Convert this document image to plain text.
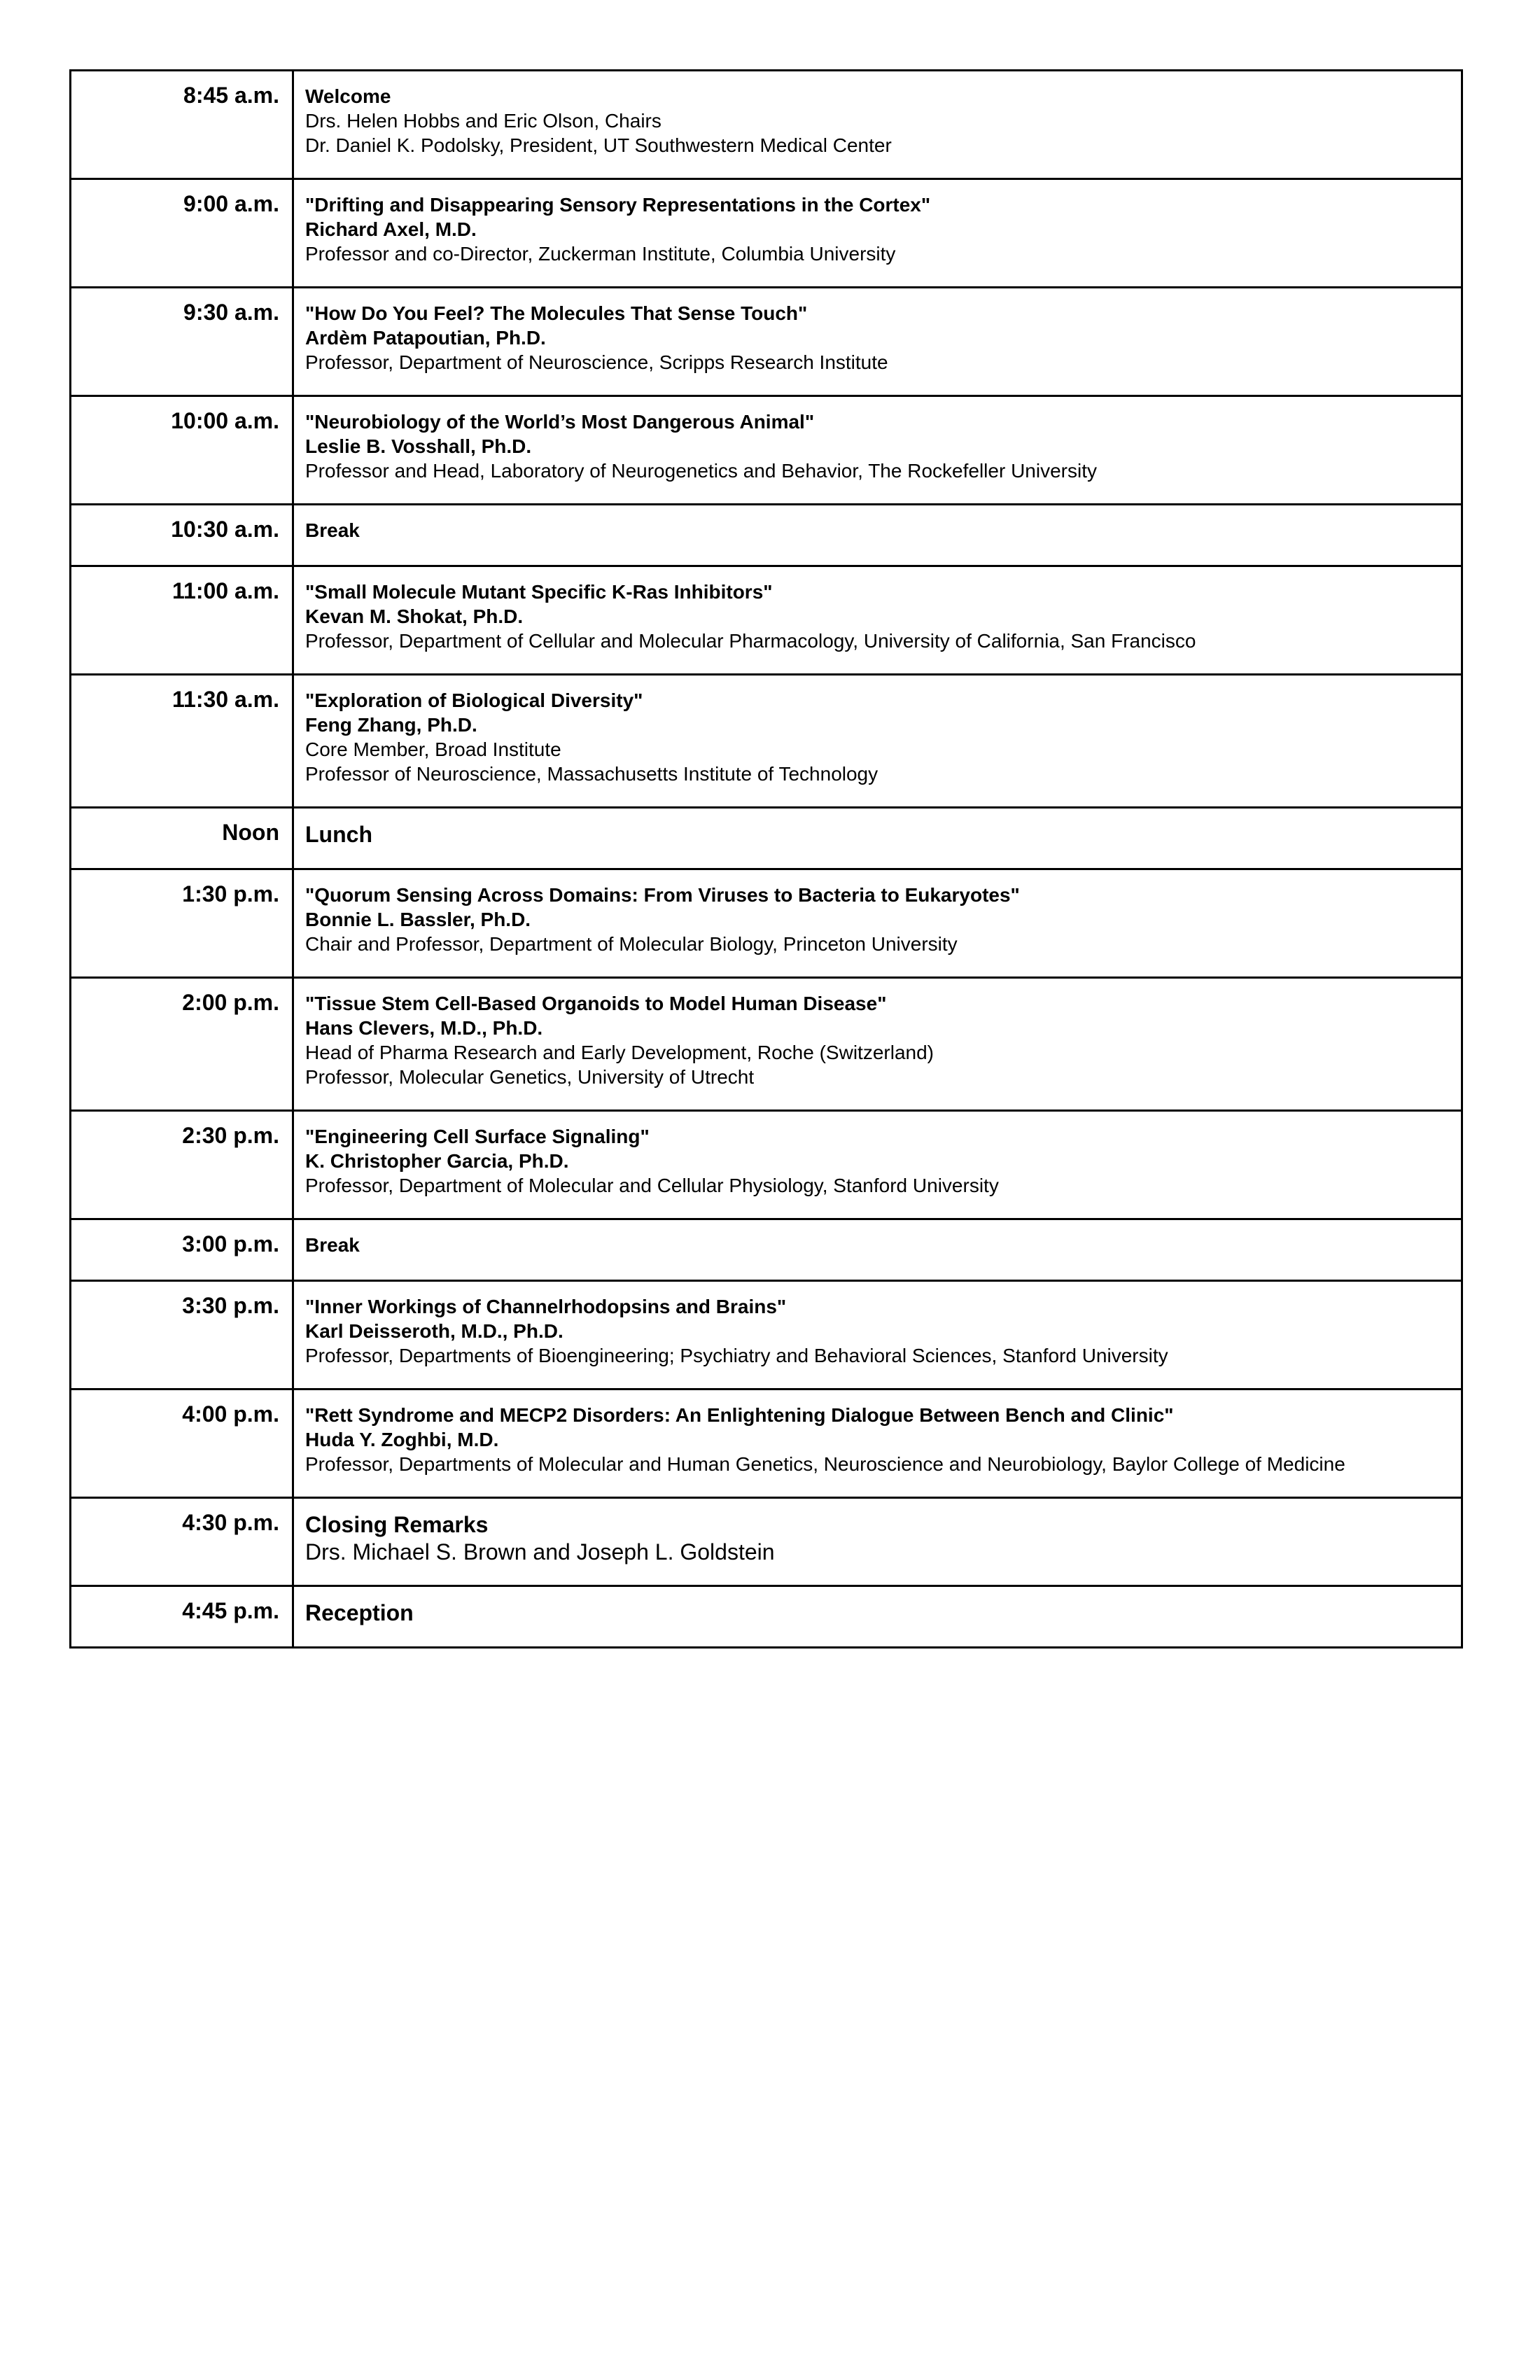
8:45 a.m.	Welcome
Drs. Helen Hobbs and Eric Olson, Chairs
Dr. Daniel K. Podolsky, President, UT Southwestern Medical Center

9:00 a.m.	"Drifting and Disappearing Sensory Representations in the Cortex"
Richard Axel, M.D.
Professor and co-Director, Zuckerman Institute, Columbia University

9:30 a.m.	"How Do You Feel? The Molecules That Sense Touch"
Ardèm Patapoutian, Ph.D.
Professor, Department of Neuroscience, Scripps Research Institute

10:00 a.m.	"Neurobiology of the World’s Most Dangerous Animal"
Leslie B. Vosshall, Ph.D.
Professor and Head, Laboratory of Neurogenetics and Behavior, The Rockefeller University

10:30 a.m.	Break

11:00 a.m.	"Small Molecule Mutant Specific K-Ras Inhibitors"
Kevan M. Shokat, Ph.D.
Professor, Department of Cellular and Molecular Pharmacology, University of California, San Francisco

11:30 a.m.	"Exploration of Biological Diversity"
Feng Zhang, Ph.D.
Core Member, Broad Institute
Professor of Neuroscience, Massachusetts Institute of Technology

Noon	Lunch

1:30 p.m.	"Quorum Sensing Across Domains: From Viruses to Bacteria to Eukaryotes"
Bonnie L. Bassler, Ph.D.
Chair and Professor, Department of Molecular Biology, Princeton University

2:00 p.m.	"Tissue Stem Cell-Based Organoids to Model Human Disease"
Hans Clevers, M.D., Ph.D.
Head of Pharma Research and Early Development, Roche (Switzerland)
Professor, Molecular Genetics, University of Utrecht

2:30 p.m.	"Engineering Cell Surface Signaling"
K. Christopher Garcia, Ph.D.
Professor, Department of Molecular and Cellular Physiology, Stanford University

3:00 p.m.	Break

3:30 p.m.	"Inner Workings of Channelrhodopsins and Brains"
Karl Deisseroth, M.D., Ph.D.
Professor, Departments of Bioengineering; Psychiatry and Behavioral Sciences, Stanford University

4:00 p.m.	"Rett Syndrome and MECP2 Disorders: An Enlightening Dialogue Between Bench and Clinic"
Huda Y. Zoghbi, M.D.
Professor, Departments of Molecular and Human Genetics, Neuroscience and Neurobiology, Baylor College of Medicine

4:30 p.m.	Closing Remarks
Drs. Michael S. Brown and Joseph L. Goldstein

4:45 p.m.	Reception
